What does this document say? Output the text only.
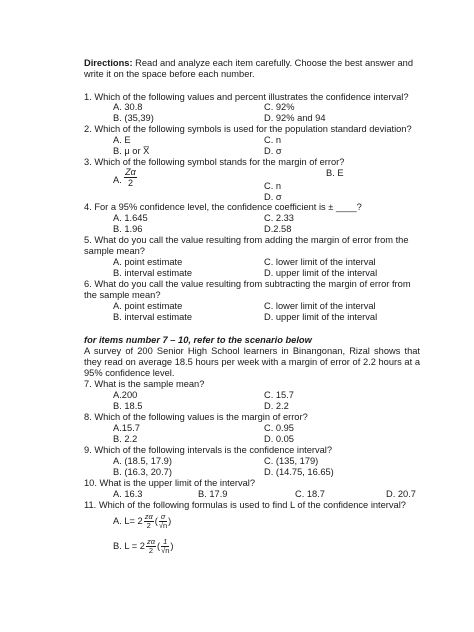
Directions: Read and analyze each item carefully. Choose the best answer and
write it on the space before each number.
1. Which of the following values and percent illustrates the confidence interval?
A. 30.8	C. 92%
B. (35,39)	D. 92% and 94
2. Which of the following symbols is used for the population standard deviation?
A. E	C. n
B. μ or X̅	D. σ
3. Which of the following symbol stands for the margin of error?
A.
Zα
2
B. E
C. n
D. σ
4. For a 95% confidence level, the confidence coefficient is ± ____?
A. 1.645	C. 2.33
B. 1.96	D.2.58
5. What do you call the value resulting from adding the margin of error from the
sample mean?
A. point estimate	C. lower limit of the interval
B. interval estimate	D. upper limit of the interval
6. What do you call the value resulting from subtracting the margin of error from
the sample mean?
A. point estimate	C. lower limit of the interval
B. interval estimate	D. upper limit of the interval
for items number 7 – 10, refer to the scenario below
A survey of 200 Senior High School learners in Binangonan, Rizal shows that they read on average 18.5 hours per week with a margin of error of 2.2 hours at a 95% confidence level.
7. What is the sample mean?
A.200	C. 15.7
B. 18.5	D. 2.2
8. Which of the following values is the margin of error?
A.15.7	C. 0.95
B. 2.2	D. 0.05
9. Which of the following intervals is the confidence interval?
A. (18.5, 17.9)	C. (135, 179)
B. (16.3, 20.7)	D. (14.75, 16.65)
10. What is the upper limit of the interval?
A. 16.3	B. 17.9	C. 18.7	D. 20.7
11. Which of the following formulas is used to find L of the confidence interval?
A. $L= 2 \frac{z\alpha}{2}$ ( $\frac{\sigma}{√n}$ )
B. $L = 2 \frac{z\alpha}{2}$ ( $\frac{1}{√n}$ )
